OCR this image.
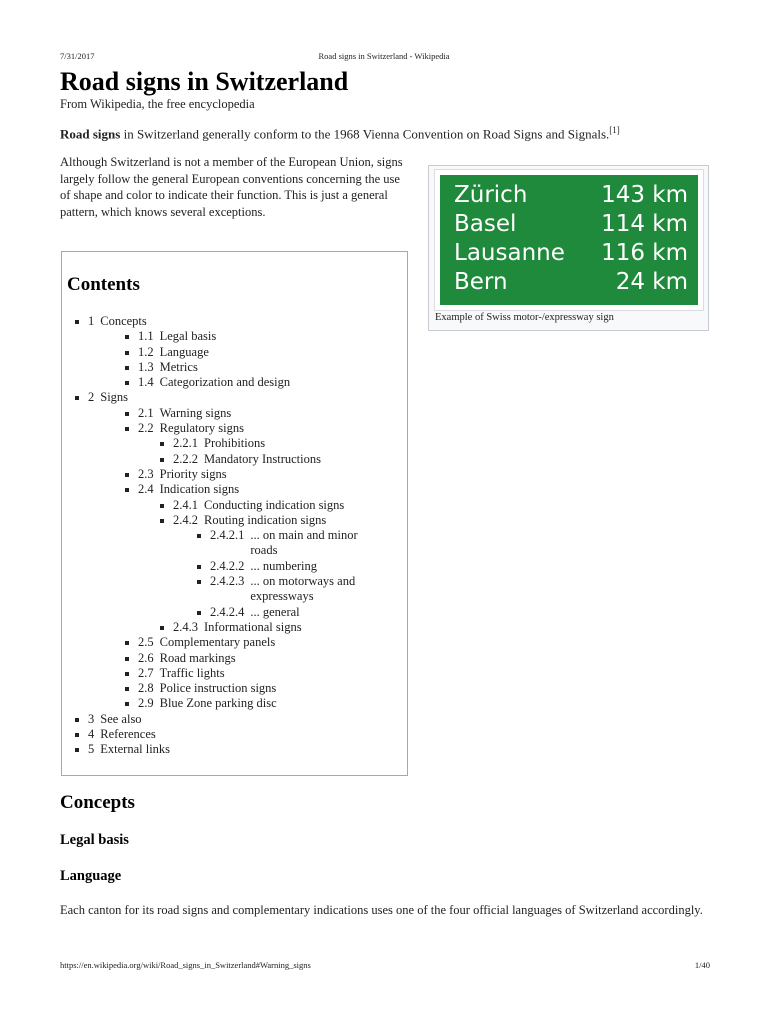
7/31/2017	Road signs in Switzerland - Wikipedia
Road signs in Switzerland
From Wikipedia, the free encyclopedia

Road signs in Switzerland generally conform to the 1968 Vienna Convention on Road Signs and Signals.[1]

Although Switzerland is not a member of the European Union, signs largely follow the general European conventions concerning the use of shape and color to indicate their function. This is just a general pattern, which knows several exceptions.

Zürich	143 km
Basel	114 km
Lausanne 116 km
Bern	24 km
Example of Swiss motor-/expressway sign
Contents
1 Concepts
1.1 Legal basis
1.2 Language
1.3 Metrics
1.4 Categorization and design
2 Signs
2.1 Warning signs
2.2 Regulatory signs
2.2.1 Prohibitions
2.2.2 Mandatory Instructions
2.3 Priority signs
2.4 Indication signs
2.4.1 Conducting indication signs
2.4.2 Routing indication signs
2.4.2.1 ... on main and minor roads
2.4.2.2 ... numbering
2.4.2.3 ... on motorways and expressways
2.4.2.4 ... general
2.4.3 Informational signs
2.5 Complementary panels
2.6 Road markings
2.7 Traffic lights
2.8 Police instruction signs
2.9 Blue Zone parking disc
3 See also
4 References
5 External links
Concepts
Legal basis
Language

Each canton for its road signs and complementary indications uses one of the four official languages of Switzerland accordingly.

https://en.wikipedia.org/wiki/Road_signs_in_Switzerland#Warning_signs	1/40
